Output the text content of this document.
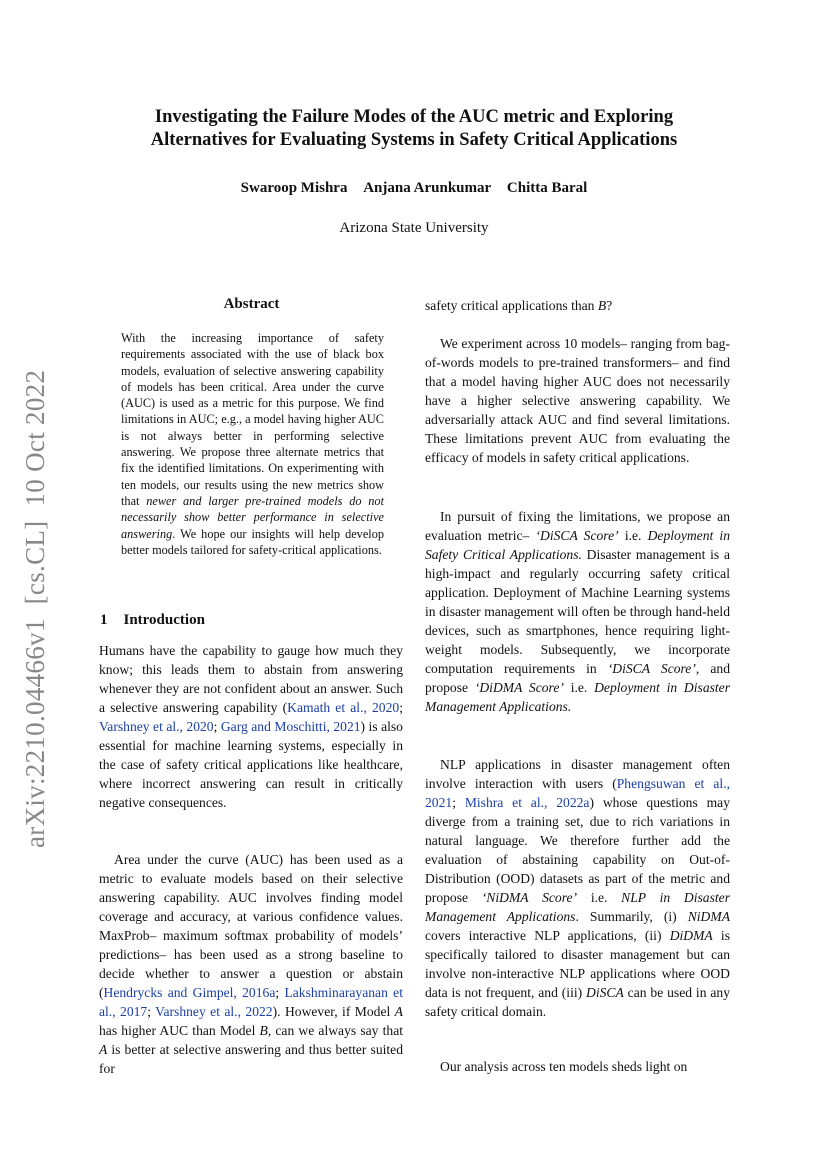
arXiv:2210.04466v1[cs.CL]10 Oct 2022
Investigating the Failure Modes of the AUC metric and Exploring
Alternatives for Evaluating Systems in Safety Critical Applications
Swaroop Mishra Anjana Arunkumar Chitta Baral
Arizona State University
Abstract
With the increasing importance of safety requirements associated with the use of black box models, evaluation of selective answering capability of models has been critical. Area under the curve (AUC) is used as a metric for this purpose. We find limitations in AUC; e.g., a model having higher AUC is not always better in performing selective answering. We propose three alternate metrics that fix the identified limitations. On experimenting with ten models, our results using the new metrics show that newer and larger pre-trained models do not necessarily show better performance in selective answering. We hope our insights will help develop better models tailored for safety-critical applications.
1 Introduction

Humans have the capability to gauge how much they know; this leads them to abstain from answering whenever they are not confident about an answer. Such a selective answering capability (Kamath et al., 2020; Varshney et al., 2020; Garg and Moschitti, 2021) is also essential for machine learning systems, especially in the case of safety critical applications like healthcare, where incorrect answering can result in critically negative consequences.

Area under the curve (AUC) has been used as a metric to evaluate models based on their selective answering capability. AUC involves finding model coverage and accuracy, at various confidence values. MaxProb– maximum softmax probability of models’ predictions– has been used as a strong baseline to decide whether to answer a question or abstain (Hendrycks and Gimpel, 2016a; Lakshminarayanan et al., 2017; Varshney et al., 2022). However, if Model A has higher AUC than Model B, can we always say that A is better at selective answering and thus better suited for

safety critical applications than B?

We experiment across 10 models– ranging from bag-of-words models to pre-trained transformers– and find that a model having higher AUC does not necessarily have a higher selective answering capability. We adversarially attack AUC and find several limitations. These limitations prevent AUC from evaluating the efficacy of models in safety critical applications.

In pursuit of fixing the limitations, we propose an evaluation metric– ‘DiSCA Score’ i.e. Deployment in Safety Critical Applications. Disaster management is a high-impact and regularly occurring safety critical application. Deployment of Machine Learning systems in disaster management will often be through hand-held devices, such as smartphones, hence requiring light-weight models. Subsequently, we incorporate computation requirements in ‘DiSCA Score’, and propose ‘DiDMA Score’ i.e. Deployment in Disaster Management Applications.

NLP applications in disaster management often involve interaction with users (Phengsuwan et al., 2021; Mishra et al., 2022a) whose questions may diverge from a training set, due to rich variations in natural language. We therefore further add the evaluation of abstaining capability on Out-of-Distribution (OOD) datasets as part of the metric and propose ‘NiDMA Score’ i.e. NLP in Disaster Management Applications. Summarily, (i) NiDMA covers interactive NLP applications, (ii) DiDMA is specifically tailored to disaster management but can involve non-interactive NLP applications where OOD data is not frequent, and (iii) DiSCA can be used in any safety critical domain.

Our analysis across ten models sheds light on
